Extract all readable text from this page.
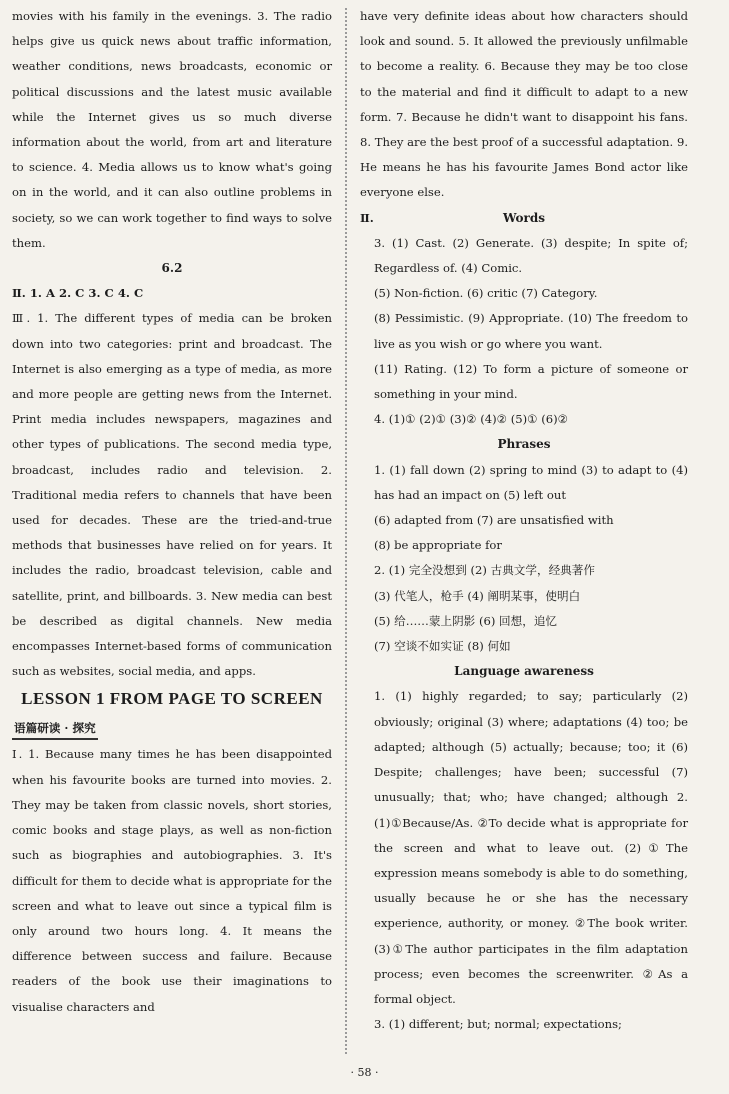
movies with his family in the evenings. 3. The radio helps give us quick news about traffic information, weather conditions, news broadcasts, economic or political discussions and the latest music available while the Internet gives us so much diverse information about the world, from art and literature to science. 4. Media allows us to know what's going on in the world, and it can also outline problems in society, so we can work together to find ways to solve them.

6.2

Ⅱ. 1. A 2. C 3. C 4. C

Ⅲ. 1. The different types of media can be broken down into two categories: print and broadcast. The Internet is also emerging as a type of media, as more and more people are getting news from the Internet. Print media includes newspapers, magazines and other types of publications. The second media type, broadcast, includes radio and television. 2. Traditional media refers to channels that have been used for decades. These are the tried-and-true methods that businesses have relied on for years. It includes the radio, broadcast television, cable and satellite, print, and billboards. 3. New media can best be described as digital channels. New media encompasses Internet-based forms of communication such as websites, social media, and apps.

LESSON 1 FROM PAGE TO SCREEN

语篇研读 · 探究

Ⅰ. 1. Because many times he has been disappointed when his favourite books are turned into movies. 2. They may be taken from classic novels, short stories, comic books and stage plays, as well as non-fiction such as biographies and autobiographies. 3. It's difficult for them to decide what is appropriate for the screen and what to leave out since a typical film is only around two hours long. 4. It means the difference between success and failure. Because readers of the book use their imaginations to visualise characters and

have very definite ideas about how characters should look and sound. 5. It allowed the previously unfilmable to become a reality. 6. Because they may be too close to the material and find it difficult to adapt to a new form. 7. Because he didn't want to disappoint his fans. 8. They are the best proof of a successful adaptation. 9. He means he has his favourite James Bond actor like everyone else.

Ⅱ.	Words

3. (1) Cast. (2) Generate. (3) despite; In spite of; Regardless of. (4) Comic.

(5) Non-fiction. (6) critic (7) Category.

(8) Pessimistic. (9) Appropriate. (10) The freedom to live as you wish or go where you want.

(11) Rating. (12) To form a picture of someone or something in your mind.

4. (1)① (2)① (3)② (4)② (5)① (6)②

Phrases

1. (1) fall down (2) spring to mind (3) to adapt to (4) has had an impact on (5) left out

(6) adapted from (7) are unsatisfied with

(8) be appropriate for

2. (1) 完全没想到 (2) 古典文学，经典著作

(3) 代笔人，枪手 (4) 阐明某事，使明白

(5) 给……蒙上阴影 (6) 回想，追忆

(7) 空谈不如实证 (8) 何如

Language awareness

1. (1) highly regarded; to say; particularly (2) obviously; original (3) where; adaptations (4) too; be adapted; although (5) actually; because; too; it (6) Despite; challenges; have been; successful (7) unusually; that; who; have changed; although 2. (1)①Because/As. ②To decide what is appropriate for the screen and what to leave out. (2)①The expression means somebody is able to do something, usually because he or she has the necessary experience, authority, or money. ②The book writer. (3)①The author participates in the film adaptation process; even becomes the screenwriter. ②As a formal object.

3. (1) different; but; normal; expectations;

· 58 ·
